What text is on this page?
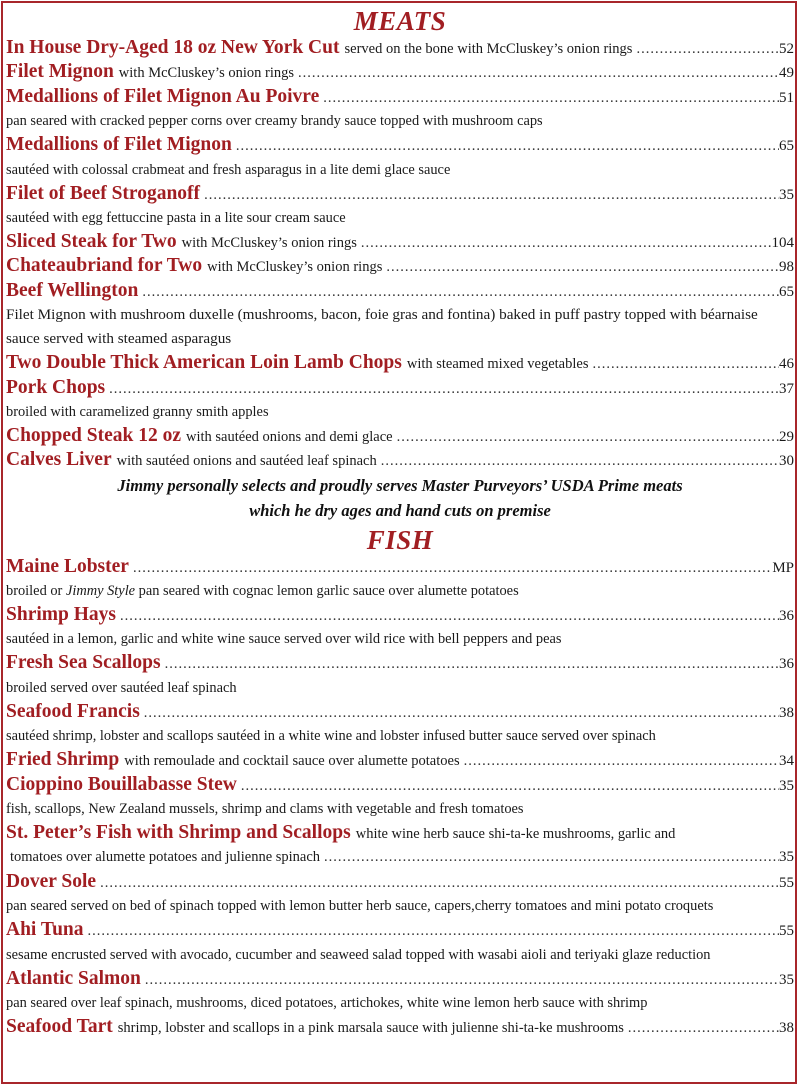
MEATS
In House Dry-Aged 18 oz New York Cut served on the bone with McCluskey’s onion rings .....	52
Filet Mignon with McCluskey’s onion rings .....	49
Medallions of Filet Mignon Au Poivre .....	51
pan seared with cracked pepper corns over creamy brandy sauce topped with mushroom caps
Medallions of Filet Mignon .....	65
sautéed with colossal crabmeat and fresh asparagus in a lite demi glace sauce
Filet of Beef Stroganoff .....	35
sautéed with egg fettuccine pasta in a lite sour cream sauce
Sliced Steak for Two with McCluskey’s onion rings .....	104
Chateaubriand for Two with McCluskey’s onion rings .....	98
Beef Wellington .....	65
Filet Mignon with mushroom duxelle (mushrooms, bacon, foie gras and fontina) baked in puff pastry topped with béarnaise sauce served with steamed asparagus
Two Double Thick American Loin Lamb Chops with steamed mixed vegetables .....	46
Pork Chops .....	37
broiled with caramelized granny smith apples
Chopped Steak 12 oz with sautéed onions and demi glace .....	29
Calves Liver with sautéed onions and sautéed leaf spinach .....	30
Jimmy personally selects and proudly serves Master Purveyors’ USDA Prime meats
which he dry ages and hand cuts on premise
FISH
Maine Lobster .....	MP
broiled or Jimmy Style pan seared with cognac lemon garlic sauce over alumette potatoes
Shrimp Hays .....	36
sautéed in a lemon, garlic and white wine sauce served over wild rice with bell peppers and peas
Fresh Sea Scallops .....	36
broiled served over sautéed leaf spinach
Seafood Francis .....	38
sautéed shrimp, lobster and scallops sautéed in a white wine and lobster infused butter sauce served over spinach
Fried Shrimp with remoulade and cocktail sauce over alumette potatoes .....	34
Cioppino Bouillabasse Stew .....	35
fish, scallops, New Zealand mussels, shrimp and clams with vegetable and fresh tomatoes
St. Peter’s Fish with Shrimp and Scallops white wine herb sauce shi-ta-ke mushrooms, garlic and
tomatoes over alumette potatoes and julienne spinach .....	35
Dover Sole .....	55
pan seared served on bed of spinach topped with lemon butter herb sauce, capers,cherry tomatoes and mini potato croquets
Ahi Tuna .....	55
sesame encrusted served with avocado, cucumber and seaweed salad topped with wasabi aioli and teriyaki glaze reduction
Atlantic Salmon .....	35
pan seared over leaf spinach, mushrooms, diced potatoes, artichokes, white wine lemon herb sauce with shrimp
Seafood Tart shrimp, lobster and scallops in a pink marsala sauce with julienne shi-ta-ke mushrooms .....	38
